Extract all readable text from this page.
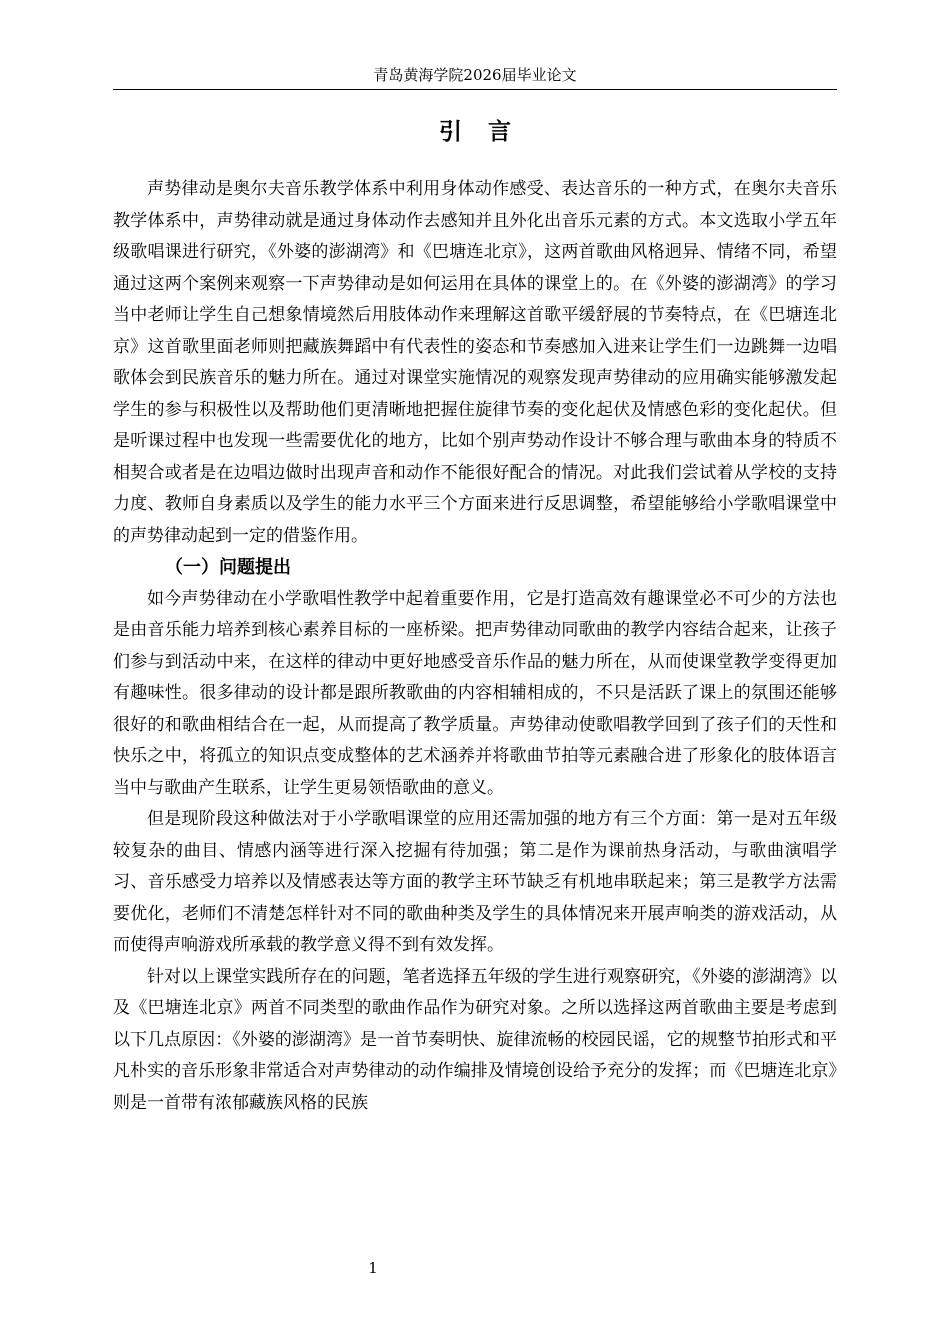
青岛黄海学院2026届毕业论文
引言

声势律动是奥尔夫音乐教学体系中利用身体动作感受、表达音乐的一种方式，在奥尔夫音乐教学体系中，声势律动就是通过身体动作去感知并且外化出音乐元素的方式。本文选取小学五年级歌唱课进行研究，《外婆的澎湖湾》和《巴塘连北京》，这两首歌曲风格迥异、情绪不同，希望通过这两个案例来观察一下声势律动是如何运用在具体的课堂上的。在《外婆的澎湖湾》的学习当中老师让学生自己想象情境然后用肢体动作来理解这首歌平缓舒展的节奏特点，在《巴塘连北京》这首歌里面老师则把藏族舞蹈中有代表性的姿态和节奏感加入进来让学生们一边跳舞一边唱歌体会到民族音乐的魅力所在。通过对课堂实施情况的观察发现声势律动的应用确实能够激发起学生的参与积极性以及帮助他们更清晰地把握住旋律节奏的变化起伏及情感色彩的变化起伏。但是听课过程中也发现一些需要优化的地方，比如个别声势动作设计不够合理与歌曲本身的特质不相契合或者是在边唱边做时出现声音和动作不能很好配合的情况。对此我们尝试着从学校的支持力度、教师自身素质以及学生的能力水平三个方面来进行反思调整，希望能够给小学歌唱课堂中的声势律动起到一定的借鉴作用。

（一）问题提出

如今声势律动在小学歌唱性教学中起着重要作用，它是打造高效有趣课堂必不可少的方法也是由音乐能力培养到核心素养目标的一座桥梁。把声势律动同歌曲的教学内容结合起来，让孩子们参与到活动中来，在这样的律动中更好地感受音乐作品的魅力所在，从而使课堂教学变得更加有趣味性。很多律动的设计都是跟所教歌曲的内容相辅相成的，不只是活跃了课上的氛围还能够很好的和歌曲相结合在一起，从而提高了教学质量。声势律动使歌唱教学回到了孩子们的天性和快乐之中，将孤立的知识点变成整体的艺术涵养并将歌曲节拍等元素融合进了形象化的肢体语言当中与歌曲产生联系，让学生更易领悟歌曲的意义。

但是现阶段这种做法对于小学歌唱课堂的应用还需加强的地方有三个方面：第一是对五年级较复杂的曲目、情感内涵等进行深入挖掘有待加强；第二是作为课前热身活动，与歌曲演唱学习、音乐感受力培养以及情感表达等方面的教学主环节缺乏有机地串联起来；第三是教学方法需要优化，老师们不清楚怎样针对不同的歌曲种类及学生的具体情况来开展声响类的游戏活动，从而使得声响游戏所承载的教学意义得不到有效发挥。

针对以上课堂实践所存在的问题，笔者选择五年级的学生进行观察研究，《外婆的澎湖湾》以及《巴塘连北京》两首不同类型的歌曲作品作为研究对象。之所以选择这两首歌曲主要是考虑到以下几点原因：《外婆的澎湖湾》是一首节奏明快、旋律流畅的校园民谣，它的规整节拍形式和平凡朴实的音乐形象非常适合对声势律动的动作编排及情境创设给予充分的发挥；而《巴塘连北京》则是一首带有浓郁藏族风格的民族

1
